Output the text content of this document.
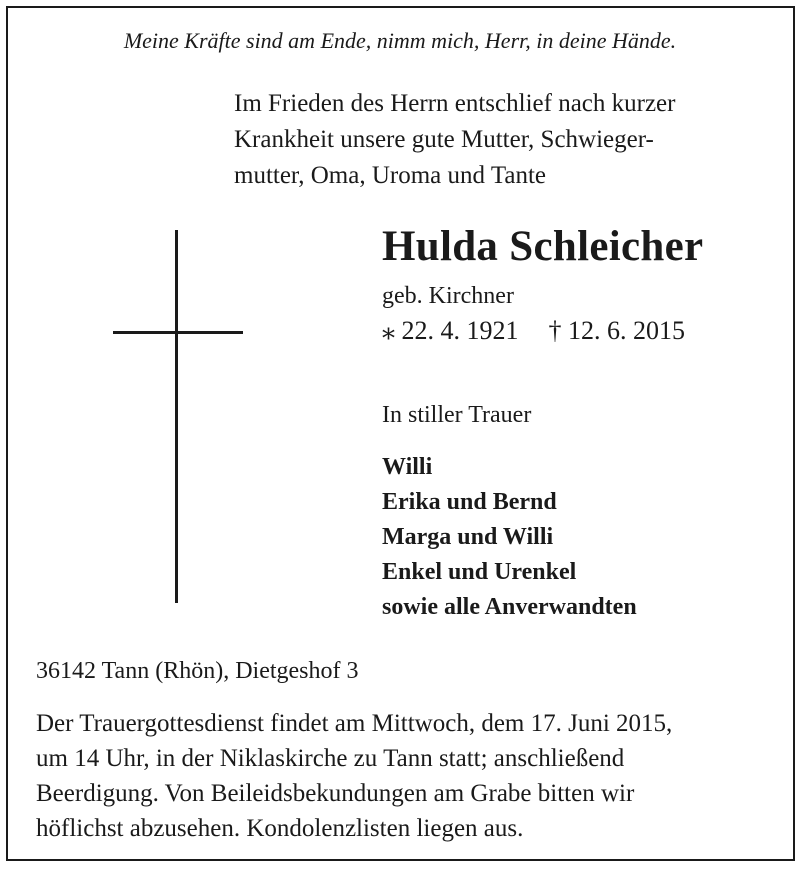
Meine Kräfte sind am Ende, nimm mich, Herr, in deine Hände.
Im Frieden des Herrn entschlief nach kurzer
Krankheit unsere gute Mutter, Schwieger-
mutter, Oma, Uroma und Tante
Hulda Schleicher
geb. Kirchner
⁎ 22. 4. 1921 † 12. 6. 2015
In stiller Trauer
Willi
Erika und Bernd
Marga und Willi
Enkel und Urenkel
sowie alle Anverwandten
36142 Tann (Rhön), Dietgeshof 3
Der Trauergottesdienst findet am Mittwoch, dem 17. Juni 2015,
um 14 Uhr, in der Niklaskirche zu Tann statt; anschließend
Beerdigung. Von Beileidsbekundungen am Grabe bitten wir
höflichst abzusehen. Kondolenzlisten liegen aus.
